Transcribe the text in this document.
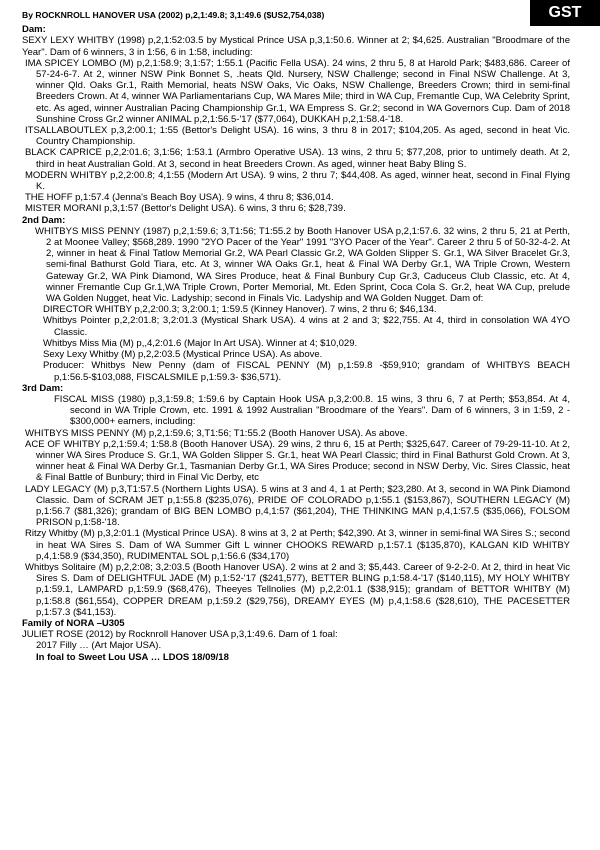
GST

By ROCKNROLL HANOVER USA (2002) p,2,1:49.8; 3,1:49.6 ($US2,754,038)

Dam:

SEXY LEXY WHITBY (1998) p,2,1:52:03.5 by Mystical Prince USA p,3,1:50.6. Winner at 2; $4,625. Australian "Broodmare of the Year". Dam of 6 winners, 3 in 1:56, 6 in 1:58, including:

IMA SPICEY LOMBO (M) p,2,1:58.9; 3,1:57; 1:55.1 (Pacific Fella USA). 24 wins, 2 thru 5, 8 at Harold Park; $483,686. Career of 57-24-6-7. At 2, winner NSW Pink Bonnet S, .heats Qld. Nursery, NSW Challenge; second in Final NSW Challenge. At 3, winner Qld. Oaks Gr.1, Raith Memorial, heats NSW Oaks, Vic Oaks, NSW Challenge, Breeders Crown; third in semi-final Breeders Crown. At 4, winner WA Parliamentarians Cup, WA Mares Mile; third in WA Cup, Fremantle Cup, WA Celebrity Sprint, etc. As aged, winner Australian Pacing Championship Gr.1, WA Empress S. Gr.2; second in WA Governors Cup. Dam of 2018 Sunshine Cross Gr.2 winner ANIMAL p,2,1:56.5-'17 ($77,064), DUKKAH p,2,1:58.4-'18.

ITSALLABOUTLEX p,3,2:00.1; 1:55 (Bettor's Delight USA). 16 wins, 3 thru 8 in 2017; $104,205. As aged, second in heat Vic. Country Championship.

BLACK CAPRICE p,2,2:01.6; 3,1:56; 1:53.1 (Armbro Operative USA). 13 wins, 2 thru 5; $77,208, prior to untimely death. At 2, third in heat Australian Gold. At 3, second in heat Breeders Crown. As aged, winner heat Baby Bling S.

MODERN WHITBY p,2,2:00.8; 4,1:55 (Modern Art USA). 9 wins, 2 thru 7; $44,408. As aged, winner heat, second in Final Flying K.

THE HOFF p,1:57.4 (Jenna's Beach Boy USA). 9 wins, 4 thru 8; $36,014.

MISTER MORANI p,3,1:57 (Bettor's Delight USA). 6 wins, 3 thru 6; $28,739.

2nd Dam:

WHITBYS MISS PENNY (1987) p,2,1:59.6; 3,T1:56; T1:55.2 by Booth Hanover USA p,2,1:57.6. 32 wins, 2 thru 5, 21 at Perth, 2 at Moonee Valley; $568,289. 1990 "2YO Pacer of the Year" 1991 "3YO Pacer of the Year". Career 2 thru 5 of 50-32-4-2. At 2, winner in heat & Final Tatlow Memorial Gr.2, WA Pearl Classic Gr.2, WA Golden Slipper S. Gr.1, WA Silver Bracelet Gr.3, semi-final Bathurst Gold Tiara, etc. At 3, winner WA Oaks Gr.1, heat & Final WA Derby Gr.1, WA Triple Crown, Western Gateway Gr.2, WA Pink Diamond, WA Sires Produce, heat & Final Bunbury Cup Gr.3, Caduceus Club Classic, etc. At 4, winner Fremantle Cup Gr.1,WA Triple Crown, Porter Memorial, Mt. Eden Sprint, Coca Cola S. Gr.2, heat WA Cup, prelude WA Golden Nugget, heat Vic. Ladyship; second in Finals Vic. Ladyship and WA Golden Nugget. Dam of:

DIRECTOR WHITBY p,2,2:00.3; 3,2:00.1; 1:59.5 (Kinney Hanover). 7 wins, 2 thru 6; $46,134.

Whitbys Pointer p,2,2:01.8; 3,2:01.3 (Mystical Shark USA). 4 wins at 2 and 3; $22,755. At 4, third in consolation WA 4YO Classic.

Whitbys Miss Mia (M) p,,4,2:01.6 (Major In Art USA). Winner at 4; $10,029.

Sexy Lexy Whitby (M) p,2,2:03.5 (Mystical Prince USA). As above.

Producer: Whitbys New Penny (dam of FISCAL PENNY (M) p,1:59.8 -$59,910; grandam of WHITBYS BEACH p,1:56.5-$103,088, FISCALSMILE p,1:59.3- $36,571).

3rd Dam:

FISCAL MISS (1980) p,3,1:59.8; 1:59.6 by Captain Hook USA p,3,2:00.8. 15 wins, 3 thru 6, 7 at Perth; $53,854. At 4, second in WA Triple Crown, etc. 1991 & 1992 Australian "Broodmare of the Years". Dam of 6 winners, 3 in 1:59, 2 - $300,000+ earners, including:

WHITBYS MISS PENNY (M) p,2,1:59.6; 3,T1:56; T1:55.2 (Booth Hanover USA). As above.

ACE OF WHITBY p,2,1:59.4; 1:58.8 (Booth Hanover USA). 29 wins, 2 thru 6, 15 at Perth; $325,647. Career of 79-29-11-10. At 2, winner WA Sires Produce S. Gr.1, WA Golden Slipper S. Gr.1, heat WA Pearl Classic; third in Final Bathurst Gold Crown. At 3, winner heat & Final WA Derby Gr.1, Tasmanian Derby Gr.1, WA Sires Produce; second in NSW Derby, Vic. Sires Classic, heat & Final Battle of Bunbury; third in Final Vic Derby, etc

LADY LEGACY (M) p,3,T1:57.5 (Northern Lights USA). 5 wins at 3 and 4, 1 at Perth; $23,280. At 3, second in WA Pink Diamond Classic. Dam of SCRAM JET p,1:55.8 ($235,076), PRIDE OF COLORADO p,1:55.1 ($153,867), SOUTHERN LEGACY (M) p,1:56.7 ($81,326); grandam of BIG BEN LOMBO p,4,1:57 ($61,204), THE THINKING MAN p,4,1:57.5 ($35,066), FOLSOM PRISON p,1:58-'18.

Ritzy Whitby (M) p,3,2:01.1 (Mystical Prince USA). 8 wins at 3, 2 at Perth; $42,390. At 3, winner in semi-final WA Sires S.; second in heat WA Sires S. Dam of WA Summer Gift L winner CHOOKS REWARD p,1:57.1 ($135,870), KALGAN KID WHITBY p,4,1:58.9 ($34,350), RUDIMENTAL SOL p,1:56.6 ($34,170)

Whitbys Solitaire (M) p,2,2:08; 3,2:03.5 (Booth Hanover USA). 2 wins at 2 and 3; $5,443. Career of 9-2-2-0. At 2, third in heat Vic Sires S. Dam of DELIGHTFUL JADE (M) p,1:52-'17 ($241,577), BETTER BLING p,1:58.4-'17 ($140,115), MY HOLY WHITBY p,1:59.1, LAMPARD p,1:59.9 ($68,476), Theeyes Tellnolies (M) p,2,2:01.1 ($38,915); grandam of BETTOR WHITBY (M) p,1:58.8 ($61,554), COPPER DREAM p,1:59.2 ($29,756), DREAMY EYES (M) p,4,1:58.6 ($28,610), THE PACESETTER p,1:57.3 ($41,153).

Family of NORA –U305

JULIET ROSE (2012) by Rocknroll Hanover USA p,3,1:49.6. Dam of 1 foal:

2017 Filly … (Art Major USA).

In foal to Sweet Lou USA … LDOS 18/09/18
